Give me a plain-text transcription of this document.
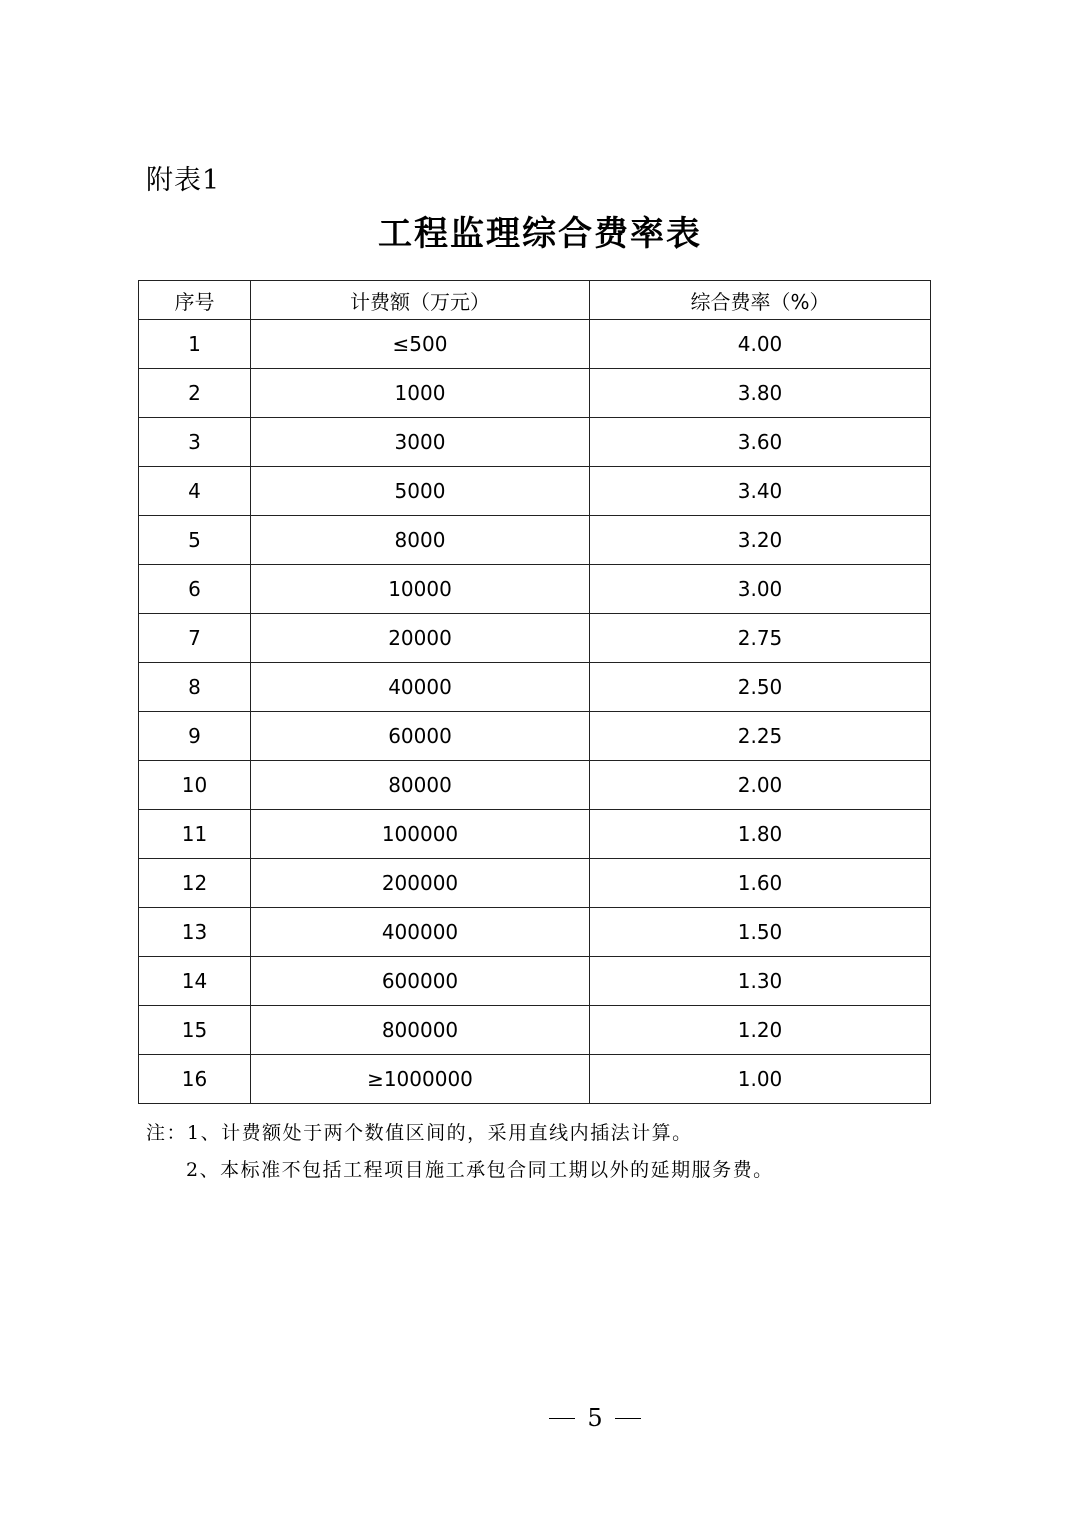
附表1
工程监理综合费率表
序号	计费额（万元）	综合费率（%）
1	≤500	4.00
2	1000	3.80
3	3000	3.60
4	5000	3.40
5	8000	3.20
6	10000	3.00
7	20000	2.75
8	40000	2.50
9	60000	2.25
10	80000	2.00
11	100000	1.80
12	200000	1.60
13	400000	1.50
14	600000	1.30
15	800000	1.20
16	≥1000000	1.00
注：1、计费额处于两个数值区间的，采用直线内插法计算。
2、本标准不包括工程项目施工承包合同工期以外的延期服务费。
5
